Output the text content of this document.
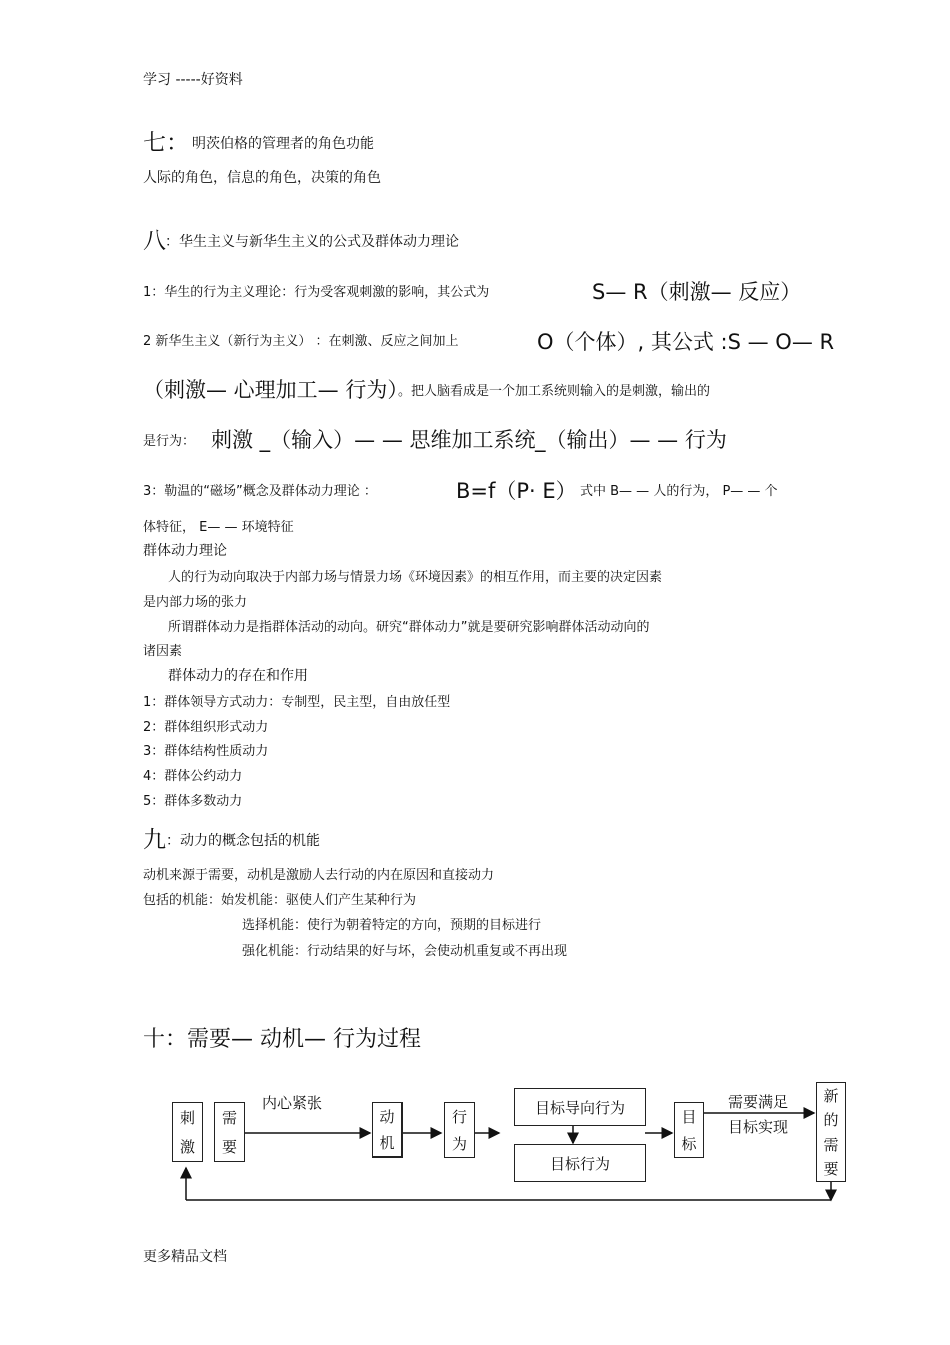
学习 -----好资料
七： 明茨伯格的管理者的角色功能
人际的角色，信息的角色，决策的角色
八 ：华生主义与新华生主义的公式及群体动力理论
1：华生的行为主义理论：行为受客观刺激的影响，其公式为	S— R（刺激— 反应）
2 新华生主义（新行为主义） ：在刺激、反应之间加上	O（个体）, 其公式 :S — O— R
（刺激— 心理加工— 行为）
。把人脑看成是一个加工系统则输入的是刺激，输出的
是行为： 刺激 _（输入）— — 思维加工系统 _（输出）— — 行为
3：勒温的“磁场”概念及群体动力理论 ：	B=f（P· E） 式中 B— — 人的行为， P— — 个
体特征， E— — 环境特征
群体动力理论
人的行为动向取决于内部力场与情景力场《环境因素》的相互作用，而主要的决定因素
是内部力场的张力
所谓群体动力是指群体活动的动向。研究“群体动力”就是要研究影响群体活动动向的
诸因素
群体动力的存在和作用
1：群体领导方式动力：专制型，民主型，自由放任型
2：群体组织形式动力
3：群体结构性质动力
4：群体公约动力
5：群体多数动力
九 ：动力的概念包括的机能
动机来源于需要，动机是激励人去行动的内在原因和直接动力
包括的机能：始发机能：驱使人们产生某种行为
选择机能：使行为朝着特定的方向，预期的目标进行
强化机能：行动结果的好与坏，会使动机重复或不再出现
十：需要— 动机— 行为过程
刺
激
需
要
内心紧张
动
机
行
为
目标导向行为
目标行为
目
标
需要满足
目标实现
新
的
需
要
更多精品文档
